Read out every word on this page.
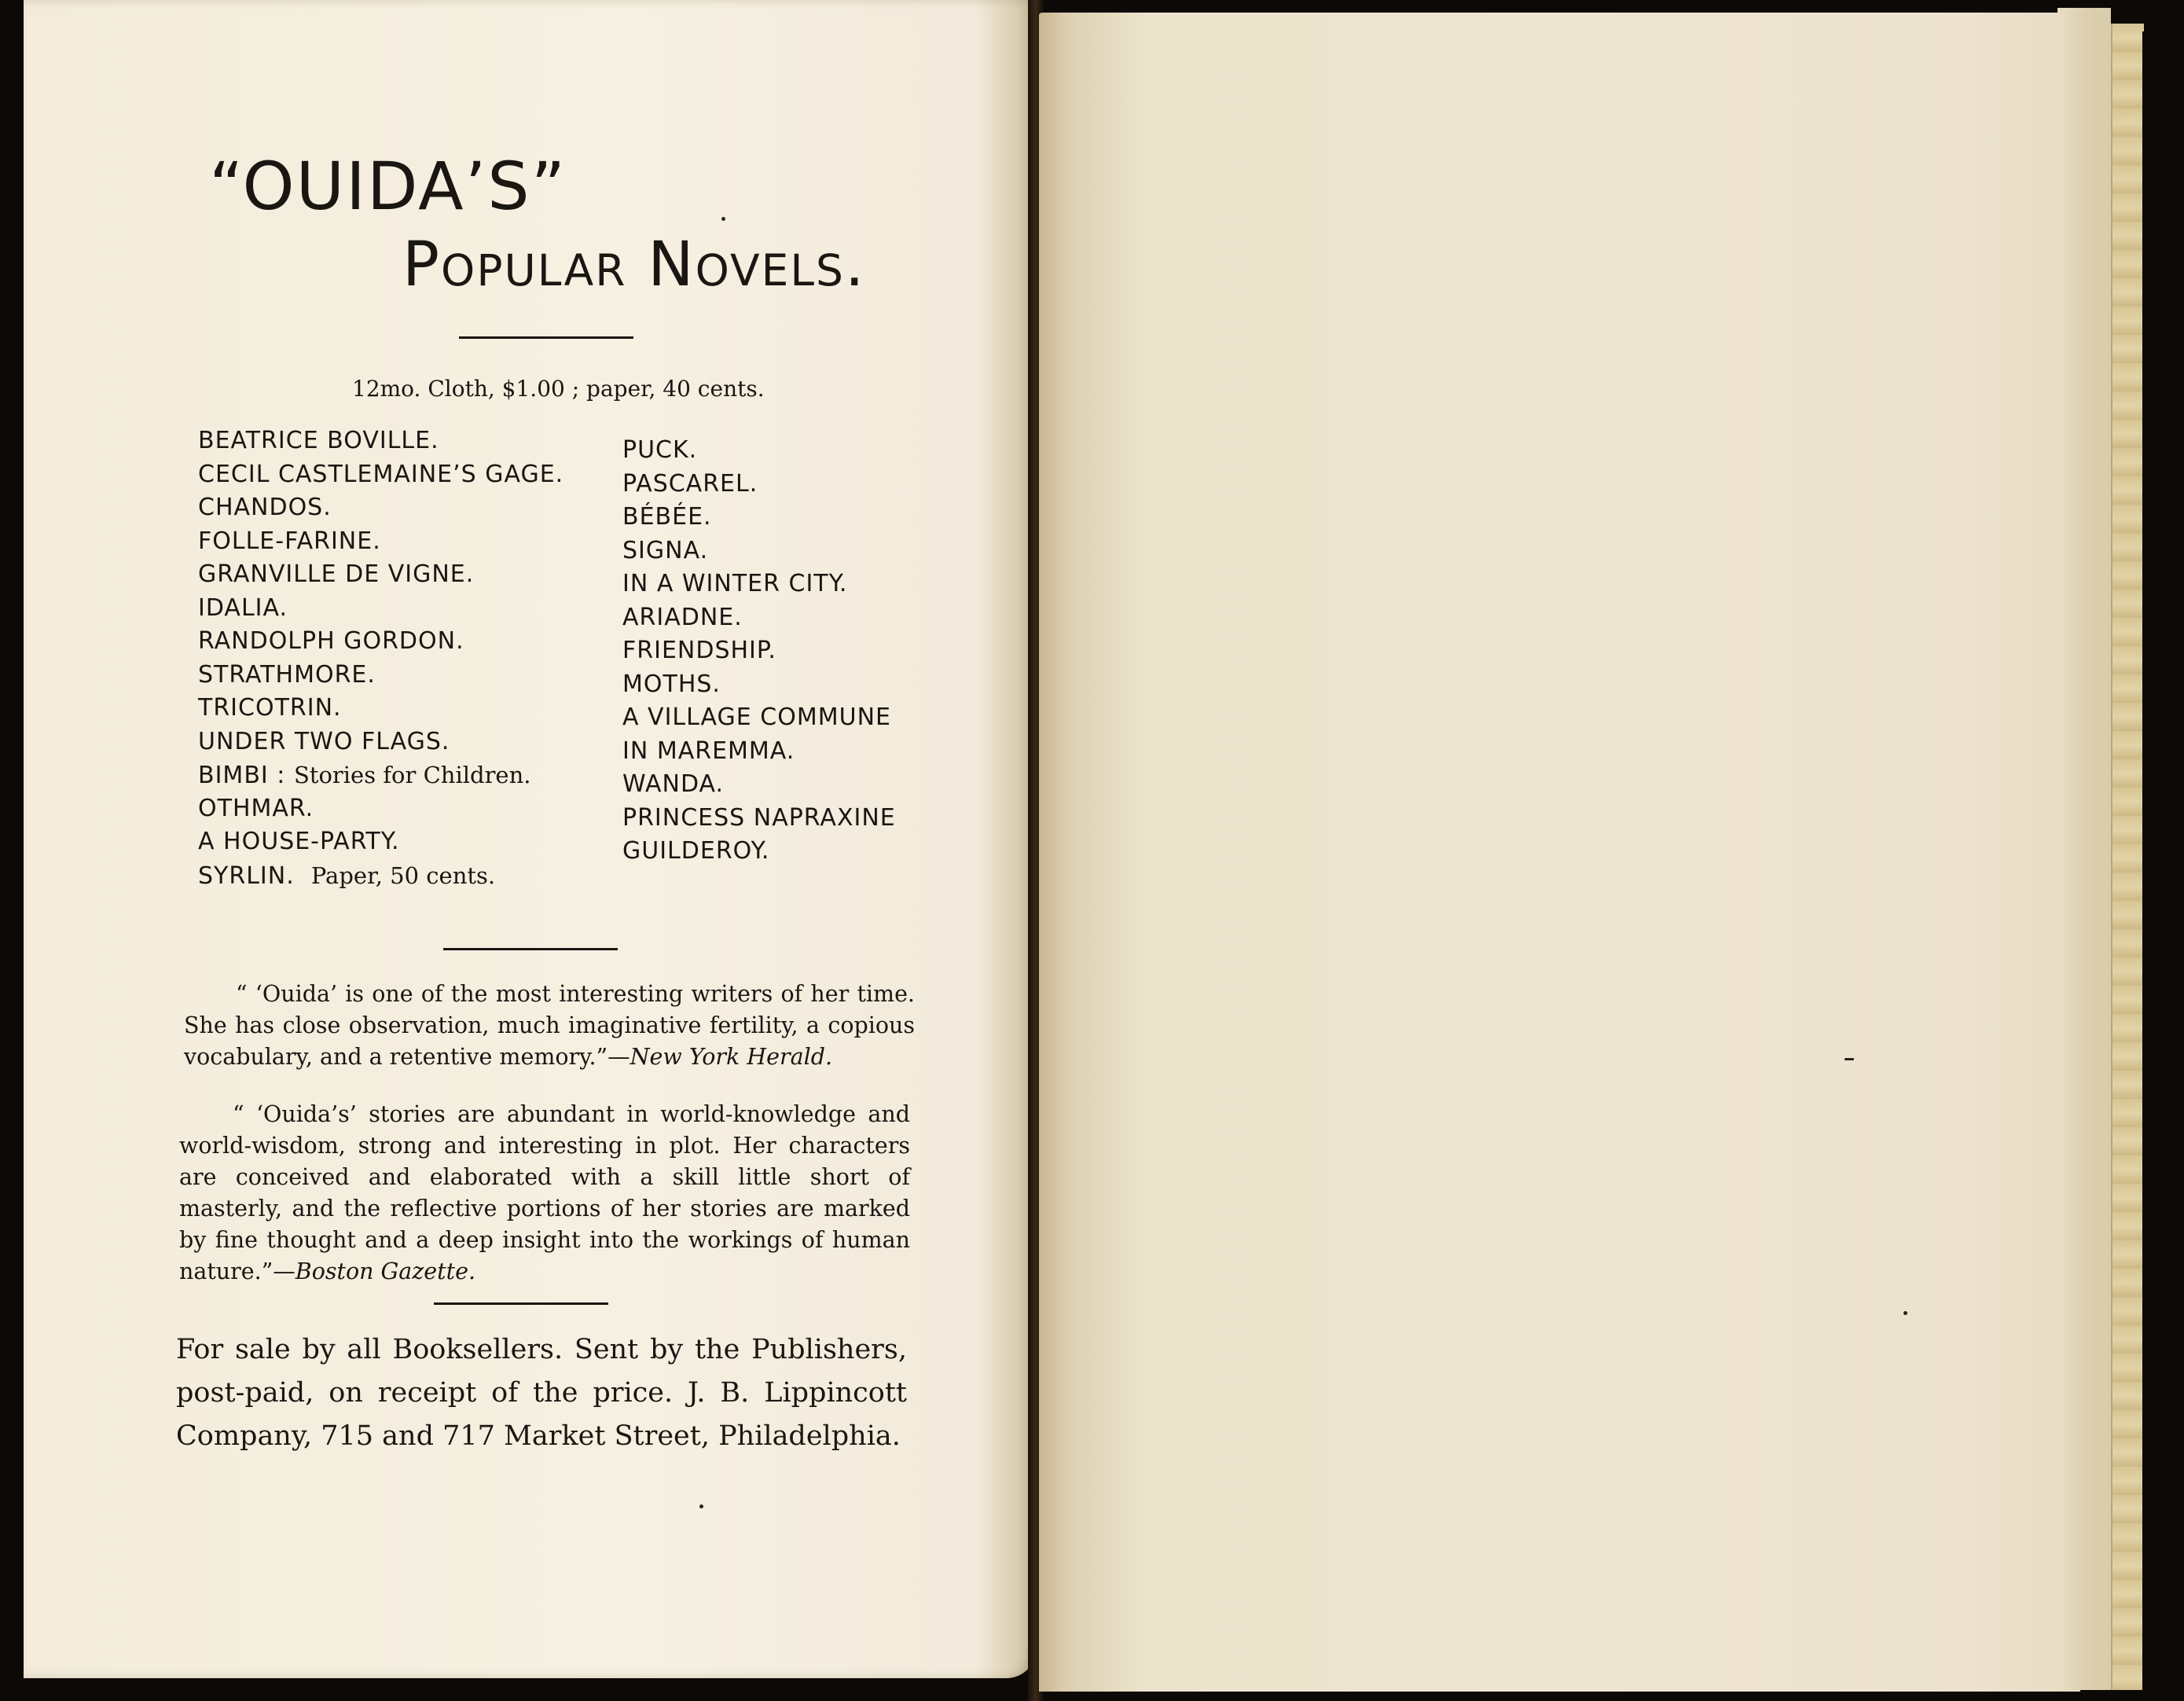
“OUIDA’S”
Popular Novels.
12mo. Cloth, $1.00 ; paper, 40 cents.
BEATRICE BOVILLE.
CECIL CASTLEMAINE’S GAGE.
CHANDOS.
FOLLE-FARINE.
GRANVILLE DE VIGNE.
IDALIA.
RANDOLPH GORDON.
STRATHMORE.
TRICOTRIN.
UNDER TWO FLAGS.
BIMBI : Stories for Children.
OTHMAR.
A HOUSE-PARTY.
SYRLIN. Paper, 50 cents.
PUCK.
PASCAREL.
BÉBÉE.
SIGNA.
IN A WINTER CITY.
ARIADNE.
FRIENDSHIP.
MOTHS.
A VILLAGE COMMUNE
IN MAREMMA.
WANDA.
PRINCESS NAPRAXINE
GUILDEROY.

“ ‘Ouida’ is one of the most interesting writers of her time. She has close observation, much imaginative fertility, a copious vocabulary, and a retentive memory.”—New York Herald.

“ ‘Ouida’s’ stories are abundant in world-knowledge and world-wisdom, strong and interesting in plot. Her characters are conceived and elaborated with a skill little short of masterly, and the reflective portions of her stories are marked by fine thought and a deep insight into the workings of human nature.”—Boston Gazette.

For sale by all Booksellers. Sent by the Publishers, post-paid, on receipt of the price. J. B. Lippincott Company, 715 and 717 Market Street, Philadelphia.
